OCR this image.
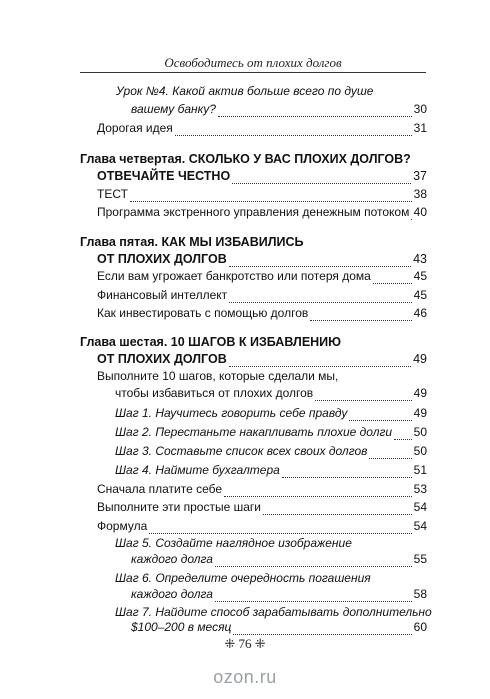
Освободитесь от плохих долгов
Урок №4. Какой актив больше всего по душе
вашему банку?	30
Дорогая идея	31
Глава четвертая. СКОЛЬКО У ВАС ПЛОХИХ ДОЛГОВ?
ОТВЕЧАЙТЕ ЧЕСТНО	37
ТЕСТ	38
Программа экстренного управления денежным потоком 40
Глава пятая. КАК МЫ ИЗБАВИЛИСЬ
ОТ ПЛОХИХ ДОЛГОВ	43
Если вам угрожает банкротство или потеря дома	45
Финансовый интеллект	45
Как инвестировать с помощью долгов	46
Глава шестая. 10 ШАГОВ К ИЗБАВЛЕНИЮ
ОТ ПЛОХИХ ДОЛГОВ	49
Выполните 10 шагов, которые сделали мы,
чтобы избавиться от плохих долгов	49
Шаг 1. Научитесь говорить себе правду	49
Шаг 2. Перестаньте накапливать плохие долги 50
Шаг 3. Составьте список всех своих долгов	50
Шаг 4. Наймите бухгалтера	51
Сначала платите себе	53
Выполните эти простые шаги	54
Формула	54
Шаг 5. Создайте наглядное изображение
каждого долга	55
Шаг 6. Определите очередность погашения
каждого долга	58
Шаг 7. Найдите способ зарабатывать дополнительно
$100–200 в месяц	60
⁜ 76 ⁜
ozon.ru
